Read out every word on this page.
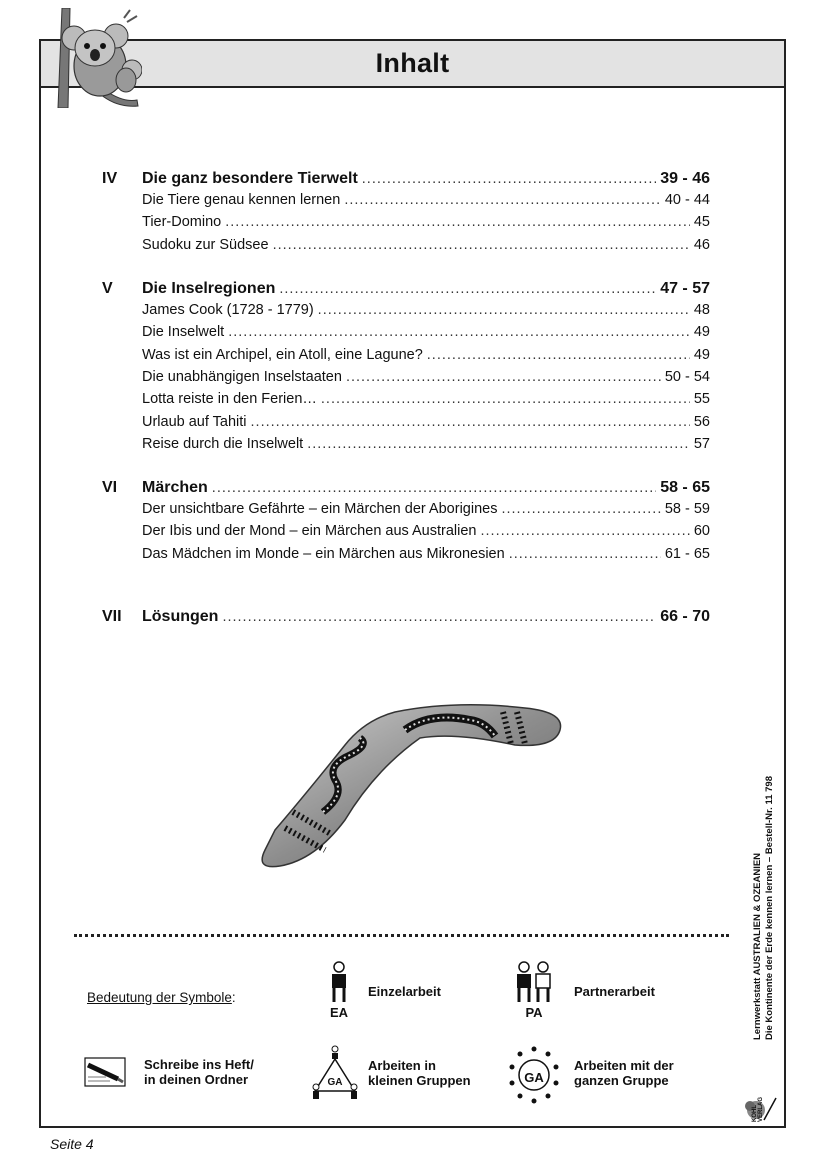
Inhalt
IV	Die ganz besondere Tierwelt .....	39 - 46
Die Tiere genau kennen lernen .....	40 - 44
Tier-Domino .....	45
Sudoku zur Südsee .....	46
V	Die Inselregionen .....	47 - 57
James Cook (1728 - 1779) .....	48
Die Inselwelt .....	49
Was ist ein Archipel, ein Atoll, eine Lagune? .....	49
Die unabhängigen Inselstaaten .....	50 - 54
Lotta reiste in den Ferien… .....	55
Urlaub auf Tahiti .....	56
Reise durch die Inselwelt .....	57
VI	Märchen .....	58 - 65
Der unsichtbare Gefährte – ein Märchen der Aborigines .....	58 - 59
Der Ibis und der Mond – ein Märchen aus Australien .....	60
Das Mädchen im Monde – ein Märchen aus Mikronesien .....	61 - 65
VII	Lösungen .....	66 - 70
Bedeutung der Symbole:
EA
Einzelarbeit
PA
Partnerarbeit
Schreibe ins Heft/
in deinen Ordner	GA
Arbeiten in
kleinen Gruppen	GA
Arbeiten mit der
ganzen Gruppe
Lernwerkstatt AUSTRALIEN & OZEANIEN Die Kontinente der Erde kennen lernen – Bestell-Nr. 11 798
KOHL VERLAG
Seite 4
